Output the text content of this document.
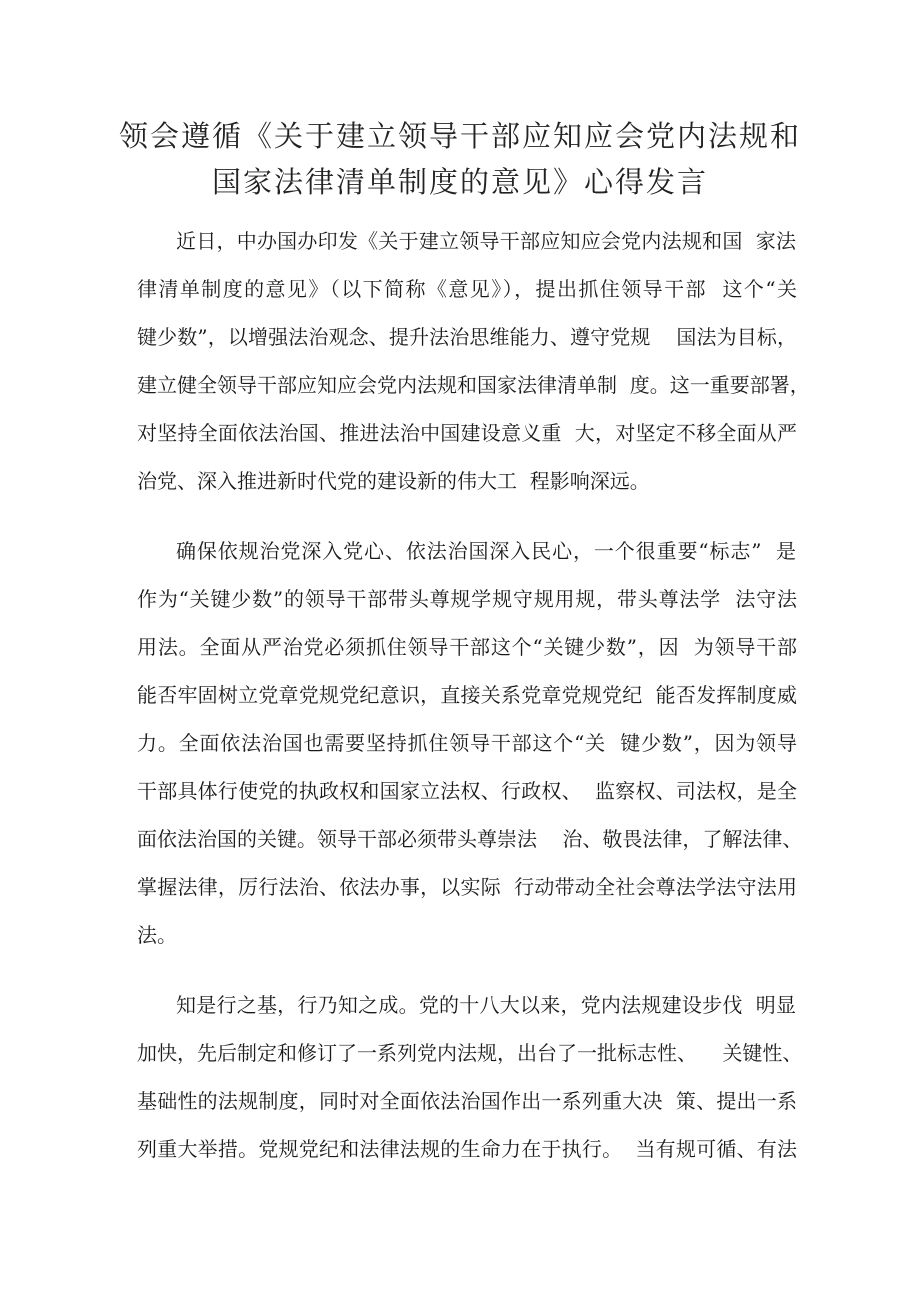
领会遵循《关于建立领导干部应知应会党内法规和
国家法律清单制度的意见》心得发言
近日，中办国办印发《关于建立领导干部应知应会党内法规和国  家法
律清单制度的意见》（以下简称《意见》），提出抓住领导干部  这个“关
键少数”，以增强法治观念、提升法治思维能力、遵守党规    国法为目标，
建立健全领导干部应知应会党内法规和国家法律清单制  度。这一重要部署，
对坚持全面依法治国、推进法治中国建设意义重  大，对坚定不移全面从严
治党、深入推进新时代党的建设新的伟大工  程影响深远。
确保依规治党深入党心、依法治国深入民心，一个很重要“标志”  是
作为“关键少数”的领导干部带头尊规学规守规用规，带头尊法学  法守法
用法。全面从严治党必须抓住领导干部这个“关键少数”，因  为领导干部
能否牢固树立党章党规党纪意识，直接关系党章党规党纪  能否发挥制度威
力。全面依法治国也需要坚持抓住领导干部这个“关  键少数”，因为领导
干部具体行使党的执政权和国家立法权、行政权、  监察权、司法权，是全
面依法治国的关键。领导干部必须带头尊崇法    治、敬畏法律，了解法律、
掌握法律，厉行法治、依法办事，以实际  行动带动全社会尊法学法守法用
法。
知是行之基，行乃知之成。党的十八大以来，党内法规建设步伐  明显
加快，先后制定和修订了一系列党内法规，出台了一批标志性、    关键性、
基础性的法规制度，同时对全面依法治国作出一系列重大决  策、提出一系
列重大举措。党规党纪和法律法规的生命力在于执行。  当有规可循、有法
